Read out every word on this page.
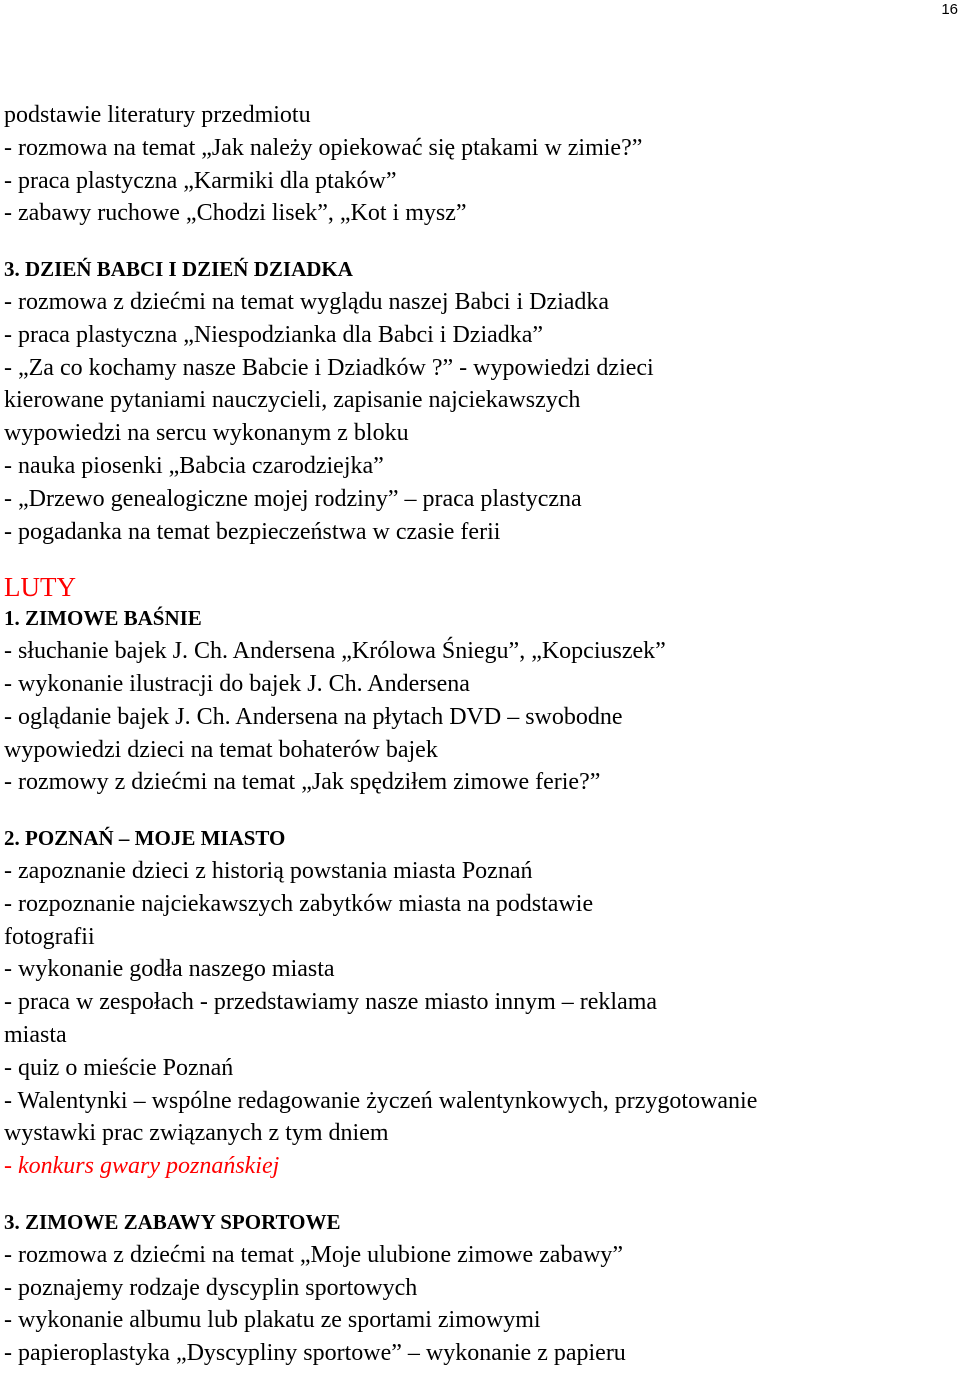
16
podstawie literatury przedmiotu
- rozmowa na temat „Jak należy opiekować się ptakami w zimie?”
- praca plastyczna „Karmiki dla ptaków”
- zabawy ruchowe „Chodzi lisek”, „Kot i mysz”
3. DZIEŃ BABCI I DZIEŃ DZIADKA
- rozmowa z dziećmi na temat wyglądu naszej Babci i Dziadka
- praca plastyczna „Niespodzianka dla Babci i Dziadka”
- „Za co kochamy nasze Babcie i Dziadków ?” - wypowiedzi dzieci
kierowane pytaniami nauczycieli, zapisanie najciekawszych
wypowiedzi na sercu wykonanym z bloku
- nauka piosenki „Babcia czarodziejka”
- „Drzewo genealogiczne mojej rodziny” – praca plastyczna
- pogadanka na temat bezpieczeństwa w czasie ferii
LUTY
1. ZIMOWE BAŚNIE
- słuchanie bajek J. Ch. Andersena „Królowa Śniegu”, „Kopciuszek”
- wykonanie ilustracji do bajek J. Ch. Andersena
- oglądanie bajek J. Ch. Andersena na płytach DVD – swobodne
wypowiedzi dzieci na temat bohaterów bajek
- rozmowy z dziećmi na temat „Jak spędziłem zimowe ferie?”
2. POZNAŃ – MOJE MIASTO
- zapoznanie dzieci z historią powstania miasta Poznań
- rozpoznanie najciekawszych zabytków miasta na podstawie
fotografii
- wykonanie godła naszego miasta
- praca w zespołach - przedstawiamy nasze miasto innym – reklama
miasta
- quiz o mieście Poznań
- Walentynki – wspólne redagowanie życzeń walentynkowych, przygotowanie
wystawki prac związanych z tym dniem
- konkurs gwary poznańskiej
3. ZIMOWE ZABAWY SPORTOWE
- rozmowa z dziećmi na temat „Moje ulubione zimowe zabawy”
- poznajemy rodzaje dyscyplin sportowych
- wykonanie albumu lub plakatu ze sportami zimowymi
- papieroplastyka „Dyscypliny sportowe” – wykonanie z papieru
